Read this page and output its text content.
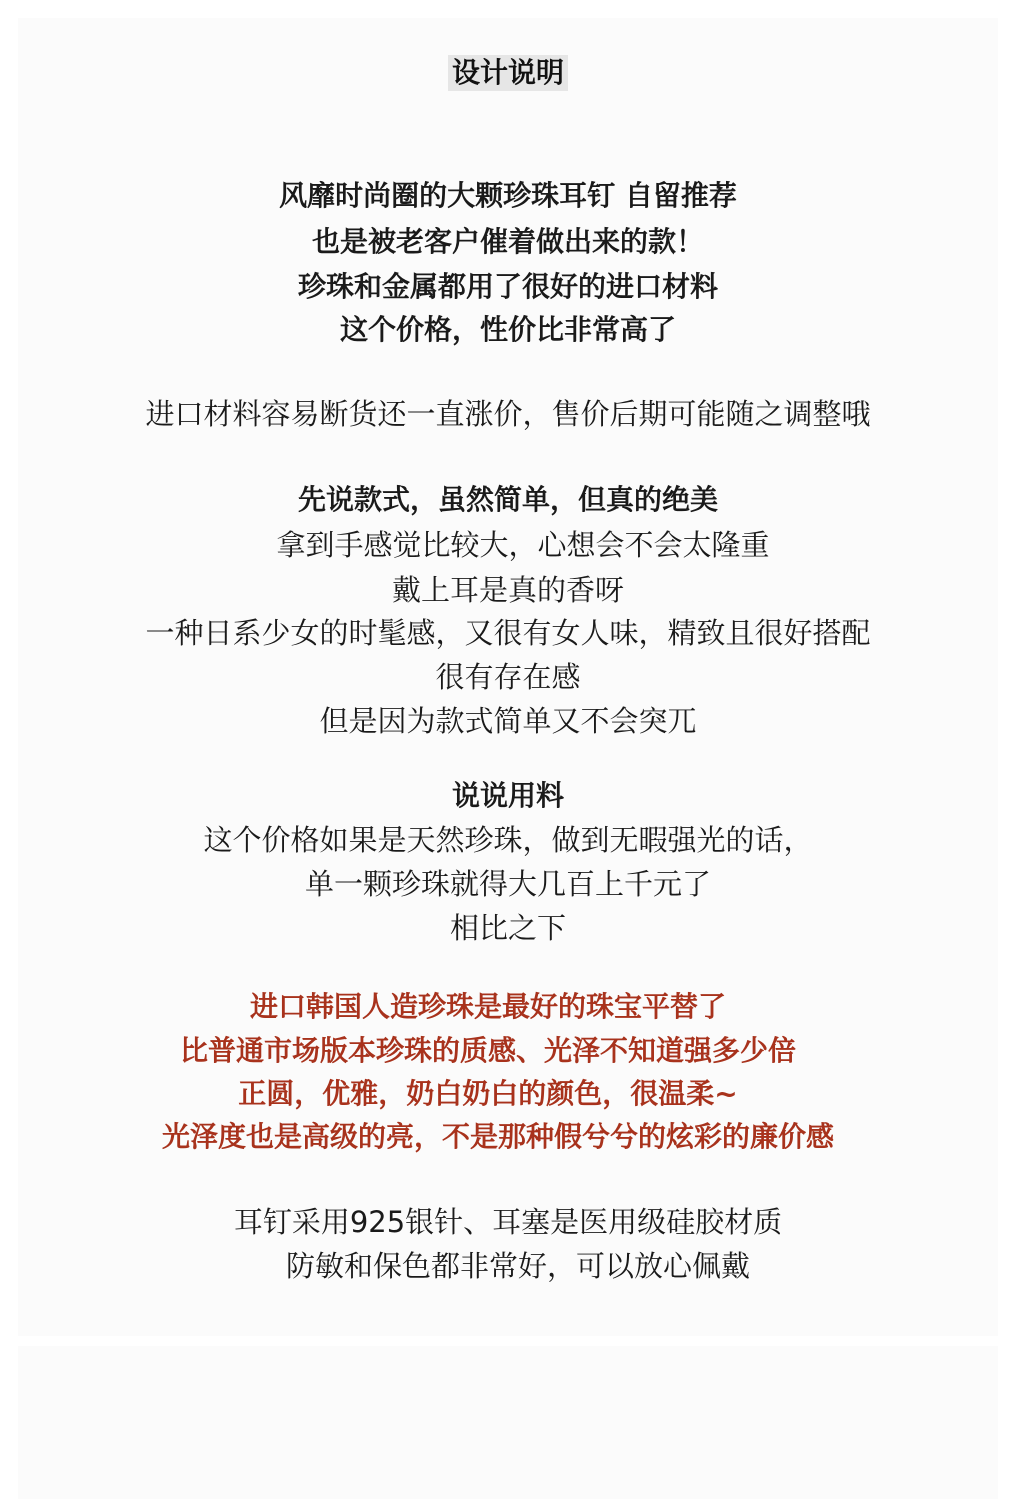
设计说明
风靡时尚圈的大颗珍珠耳钉 自留推荐
也是被老客户催着做出来的款！
珍珠和金属都用了很好的进口材料
这个价格，性价比非常高了
进口材料容易断货还一直涨价，售价后期可能随之调整哦
先说款式，虽然简单，但真的绝美
拿到手感觉比较大，心想会不会太隆重
戴上耳是真的香呀
一种日系少女的时髦感，又很有女人味，精致且很好搭配
很有存在感
但是因为款式简单又不会突兀
说说用料
这个价格如果是天然珍珠，做到无暇强光的话，
单一颗珍珠就得大几百上千元了
相比之下
进口韩国人造珍珠是最好的珠宝平替了
比普通市场版本珍珠的质感、光泽不知道强多少倍
正圆，优雅，奶白奶白的颜色，很温柔~
光泽度也是高级的亮，不是那种假兮兮的炫彩的廉价感
耳钉采用925银针、耳塞是医用级硅胶材质
防敏和保色都非常好，可以放心佩戴
